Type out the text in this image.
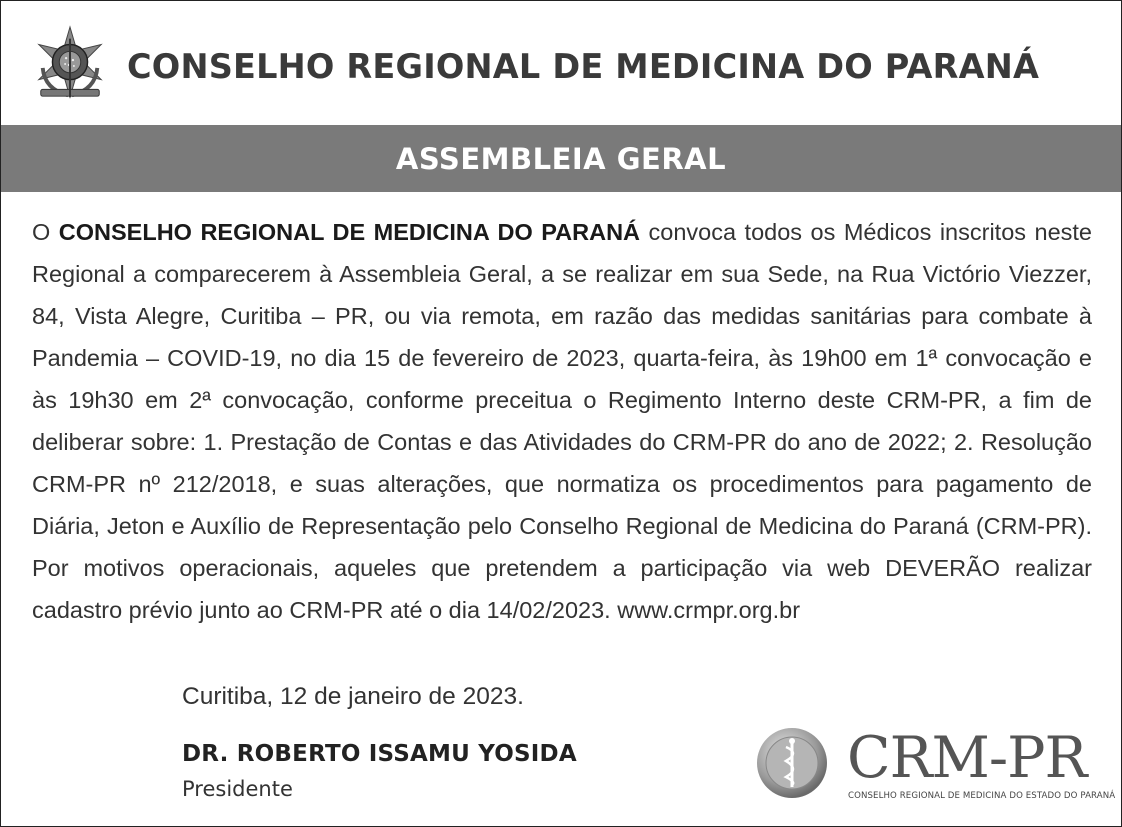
CONSELHO REGIONAL DE MEDICINA DO PARANÁ
ASSEMBLEIA GERAL

O CONSELHO REGIONAL DE MEDICINA DO PARANÁ convoca todos os Médicos inscritos neste Regional a comparecerem à Assembleia Geral, a se realizar em sua Sede, na Rua Victório Viezzer, 84, Vista Alegre, Curitiba – PR, ou via remota, em razão das medidas sanitárias para combate à Pandemia – COVID-19, no dia 15 de fevereiro de 2023, quarta-feira, às 19h00 em 1ª convocação e às 19h30 em 2ª convocação, conforme preceitua o Regimento Interno deste CRM-PR, a fim de deliberar sobre: 1. Prestação de Contas e das Atividades do CRM-PR do ano de 2022; 2. Resolução CRM-PR nº 212/2018, e suas alterações, que normatiza os procedimentos para pagamento de Diária, Jeton e Auxílio de Representação pelo Conselho Regional de Medicina do Paraná (CRM-PR). Por motivos operacionais, aqueles que pretendem a participação via web DEVERÃO realizar cadastro prévio junto ao CRM-PR até o dia 14/02/2023. www.crmpr.org.br

Curitiba, 12 de janeiro de 2023.
DR. ROBERTO ISSAMU YOSIDA
Presidente	CRM-PR
CONSELHO REGIONAL DE MEDICINA DO ESTADO DO PARANÁ
